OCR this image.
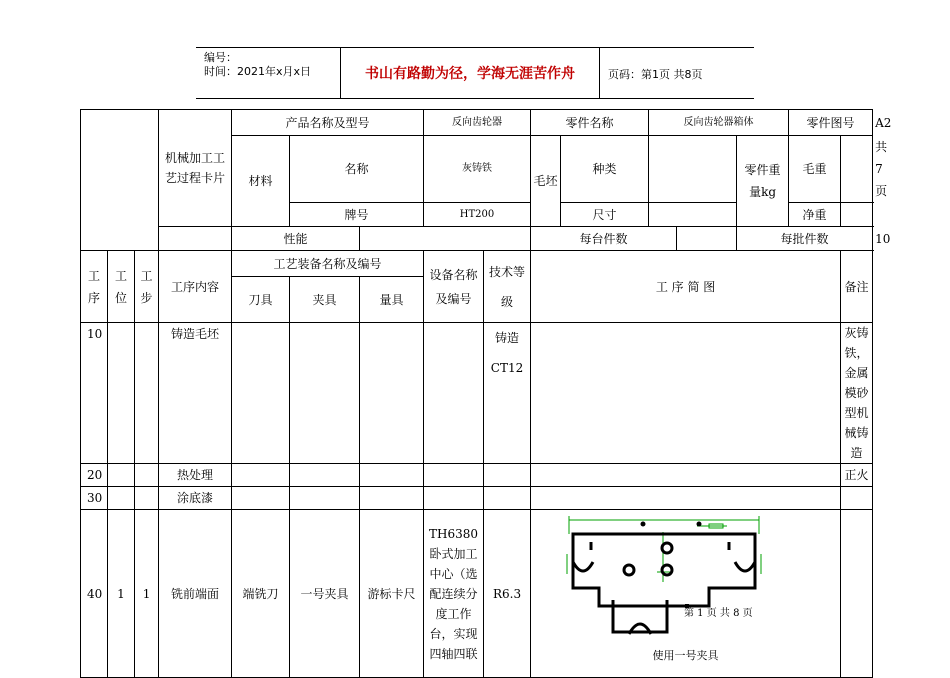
编号：
时间：2021年x月x日	书山有路勤为径，学海无涯苦作舟	页码：第1页 共8页
			机械加工工艺过程卡片	产品名称及型号			反向齿轮器		零件名称		反向齿轮器箱体			零件图号		A2
				材料	名称		灰铸铁		毛坯	种类			零件重量kg	毛重		共7页
					牌号		HT200			尺寸				净重		
				性能					每台件数				每批件数			10
工序	工位	工步	工序内容	工艺装备名称及编号			设备名称及编号	技术等级	工 序 简 图						备注	
				刀具	夹具	量具										
10			铸造毛坯					铸造CT12							灰铸铁，金属模砂型机械铸造	
20			热处理												正火	
30			涂底漆													
40	1	1	铣前端面	端铣刀	一号夹具	游标卡尺	TH6380卧式加工中心（选配连续分度工作台，实现四轴四联	R6.3	使用一号夹具							

第 1 页 共 8 页
